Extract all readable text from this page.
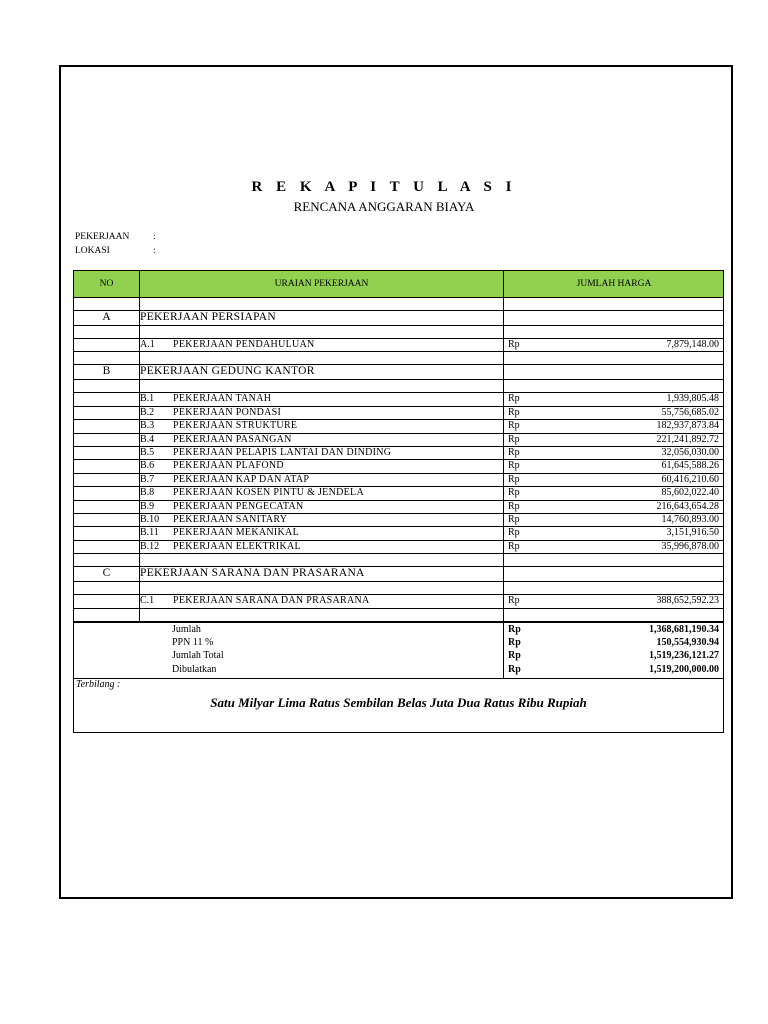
R E K A P I T U L A S I
RENCANA ANGGARAN BIAYA
PEKERJAAN :
LOKASI	:
NO	URAIAN PEKERJAAN	JUMLAH HARGA
A	PEKERJAAN PERSIAPAN
A.1 PEKERJAAN PENDAHULUAN	Rp	7,879,148.00
B	PEKERJAAN GEDUNG KANTOR
B.1 PEKERJAAN TANAH	Rp	1,939,805.48
B.2 PEKERJAAN PONDASI	Rp	55,756,685.02
B.3 PEKERJAAN STRUKTURE	Rp	182,937,873.84
B.4 PEKERJAAN PASANGAN	Rp	221,241,892.72
B.5 PEKERJAAN PELAPIS LANTAI DAN DINDING	Rp	32,056,030.00
B.6 PEKERJAAN PLAFOND	Rp	61,645,588.26
B.7 PEKERJAAN KAP DAN ATAP	Rp	60,416,210.60
B.8 PEKERJAAN KOSEN PINTU & JENDELA	Rp	85,602,022.40
B.9 PEKERJAAN PENGECATAN	Rp	216,643,654.28
B.10 PEKERJAAN SANITARY	Rp	14,760,893.00
B.11 PEKERJAAN MEKANIKAL	Rp	3,151,916.50
B.12 PEKERJAAN ELEKTRIKAL	Rp	35,996,878.00
C	PEKERJAAN SARANA DAN PRASARANA
C.1 PEKERJAAN SARANA DAN PRASARANA	Rp	388,652,592.23
Jumlah	Rp	1,368,681,190.34
PPN 11 %	Rp	150,554,930.94
Jumlah Total	Rp	1,519,236,121.27
Dibulatkan	Rp	1,519,200,000.00
Terbilang :
Satu Milyar Lima Ratus Sembilan Belas Juta Dua Ratus Ribu Rupiah
